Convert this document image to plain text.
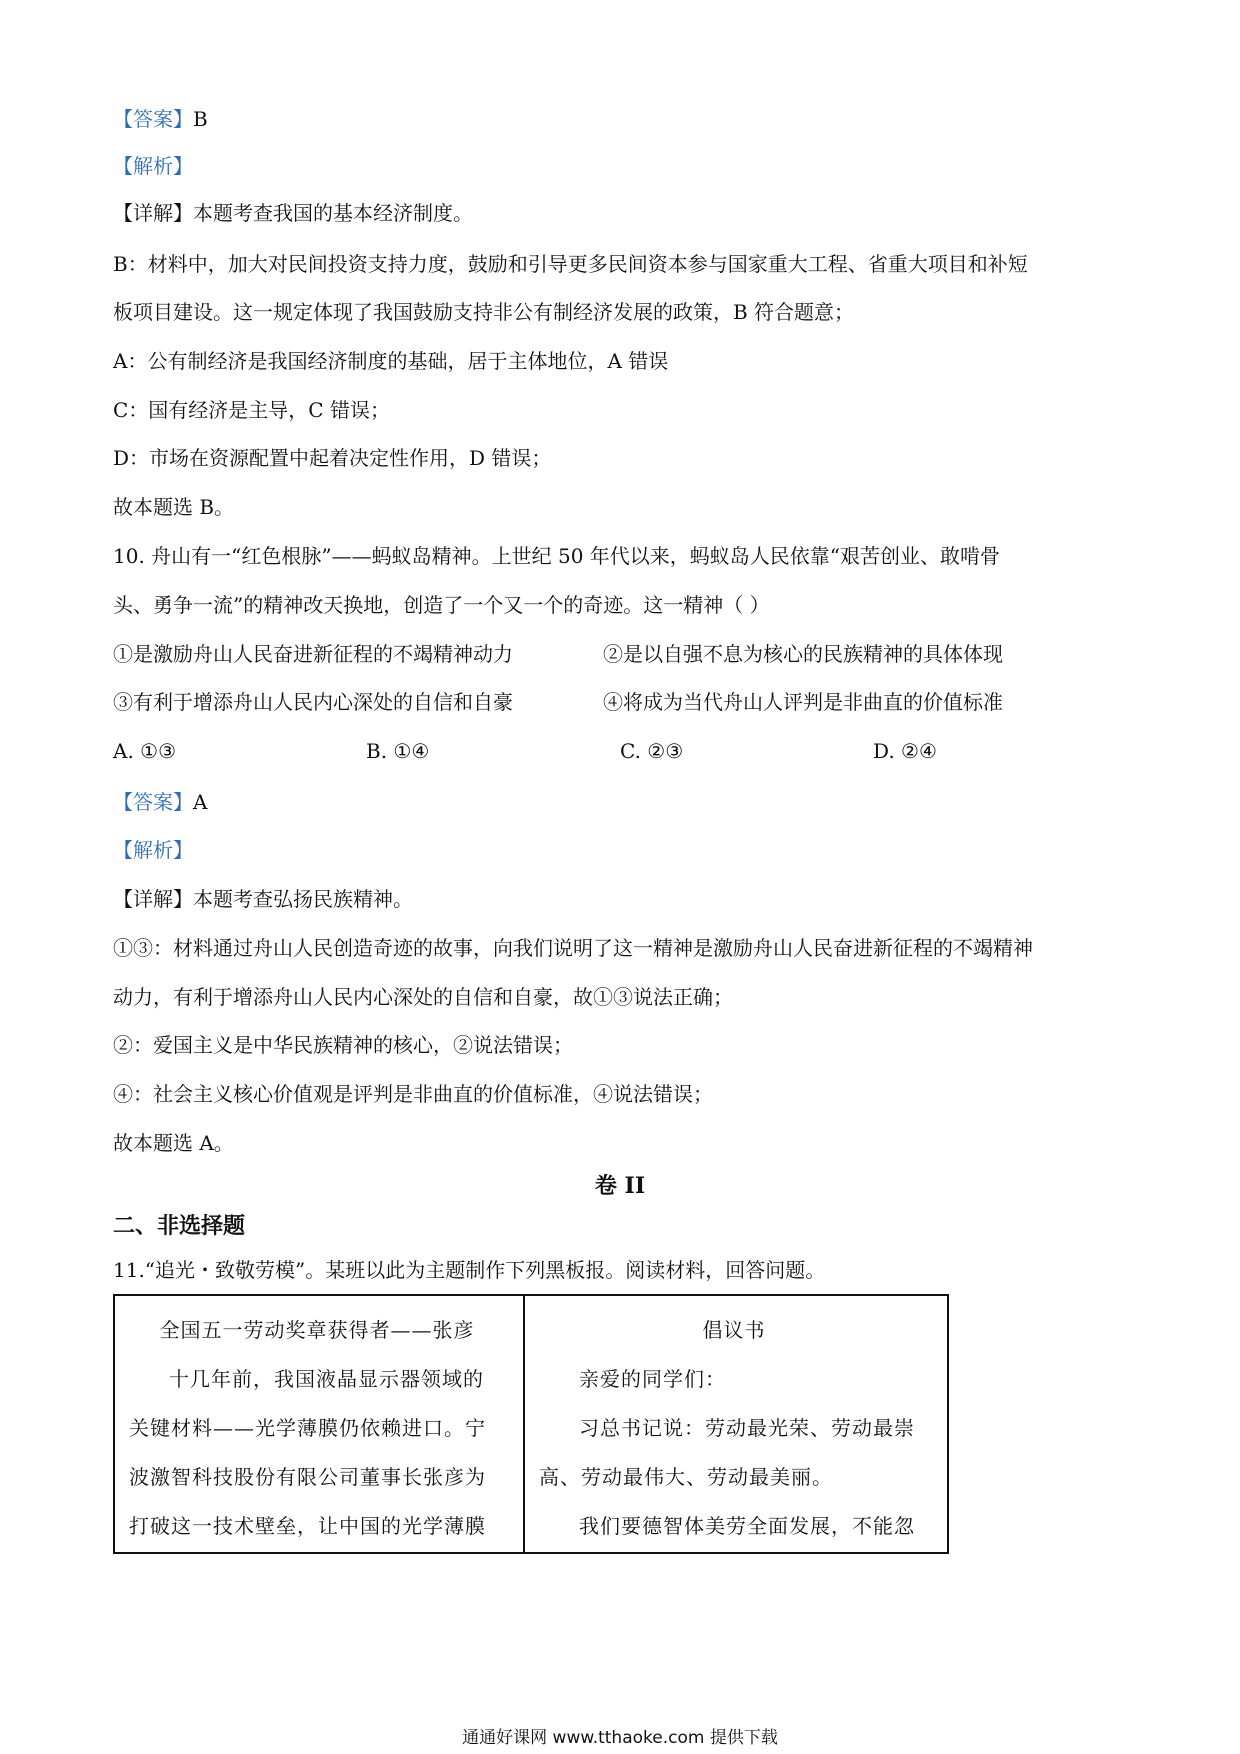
【答案】B
【解析】
【详解】本题考查我国的基本经济制度。
B：材料中，加大对民间投资支持力度，鼓励和引导更多民间资本参与国家重大工程、省重大项目和补短
板项目建设。这一规定体现了我国鼓励支持非公有制经济发展的政策，B 符合题意；
A：公有制经济是我国经济制度的基础，居于主体地位，A 错误
C：国有经济是主导，C 错误；
D：市场在资源配置中起着决定性作用，D 错误；
故本题选 B。
10. 舟山有一“红色根脉”——蚂蚁岛精神。上世纪 50 年代以来，蚂蚁岛人民依靠“艰苦创业、敢啃骨
头、勇争一流”的精神改天换地，创造了一个又一个的奇迹。这一精神（ ）
①是激励舟山人民奋进新征程的不竭精神动力	②是以自强不息为核心的民族精神的具体体现
③有利于增添舟山人民内心深处的自信和自豪	④将成为当代舟山人评判是非曲直的价值标准
A. ①③	B. ①④	C. ②③	D. ②④
【答案】A
【解析】
【详解】本题考查弘扬民族精神。
①③：材料通过舟山人民创造奇迹的故事，向我们说明了这一精神是激励舟山人民奋进新征程的不竭精神
动力，有利于增添舟山人民内心深处的自信和自豪，故①③说法正确；
②：爱国主义是中华民族精神的核心，②说法错误；
④：社会主义核心价值观是评判是非曲直的价值标准，④说法错误；
故本题选 A。
卷 II
二、非选择题
11.“追光・致敬劳模”。某班以此为主题制作下列黑板报。阅读材料，回答问题。

全国五一劳动奖章获得者——张彦

十几年前，我国液晶显示器领域的

关键材料——光学薄膜仍依赖进口。宁

波激智科技股份有限公司董事长张彦为

打破这一技术壁垒，让中国的光学薄膜

倡议书

亲爱的同学们：

习总书记说：劳动最光荣、劳动最崇

高、劳动最伟大、劳动最美丽。

我们要德智体美劳全面发展，不能忽

通通好课网 www.tthaoke.com 提供下载
